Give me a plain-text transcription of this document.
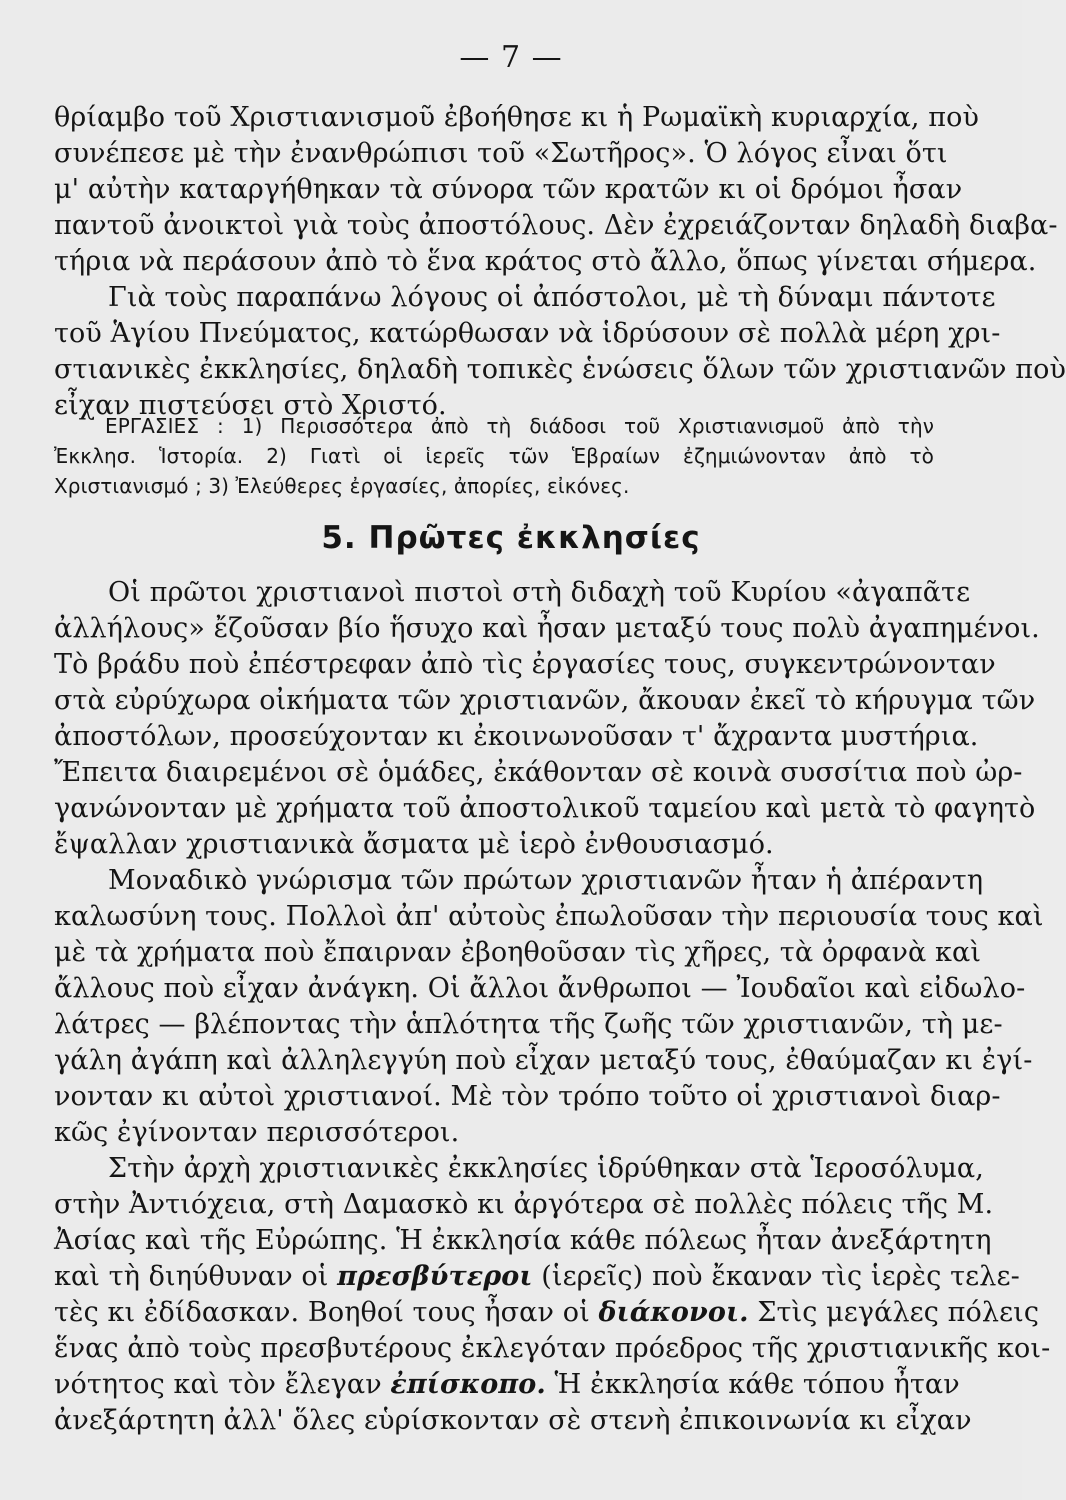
— 7 —
θρίαμβο τοῦ Χριστιανισμοῦ ἐβοήθησε κι ἡ Ρωμαϊκὴ κυριαρχία, ποὺ
συνέπεσε μὲ τὴν ἐνανθρώπισι τοῦ «Σωτῆρος». Ὁ λόγος εἶναι ὅτι
μ' αὐτὴν καταργήθηκαν τὰ σύνορα τῶν κρατῶν κι οἱ δρόμοι ἦσαν
παντοῦ ἀνοικτοὶ γιὰ τοὺς ἀποστόλους. Δὲν ἐχρειάζονταν δηλαδὴ διαβα-
τήρια νὰ περάσουν ἀπὸ τὸ ἕνα κράτος στὸ ἄλλο, ὅπως γίνεται σήμερα.
Γιὰ τοὺς παραπάνω λόγους οἱ ἀπόστολοι, μὲ τὴ δύναμι πάντοτε
τοῦ Ἁγίου Πνεύματος, κατώρθωσαν νὰ ἱδρύσουν σὲ πολλὰ μέρη χρι-
στιανικὲς ἐκκλησίες, δηλαδὴ τοπικὲς ἑνώσεις ὅλων τῶν χριστιανῶν ποὺ
εἶχαν πιστεύσει στὸ Χριστό.
ΕΡΓΑΣΙΕΣ : 1) Περισσότερα ἀπὸ τὴ διάδοσι τοῦ Χριστιανισμοῦ ἀπὸ τὴν
Ἐκκλησ. Ἱστορία. 2) Γιατὶ οἱ ἱερεῖς τῶν Ἑβραίων ἐζημιώνονταν ἀπὸ τὸ
Χριστιανισμό ; 3) Ἐλεύθερες ἐργασίες, ἀπορίες, εἰκόνες.
5. Πρῶτες ἐκκλησίες
Οἱ πρῶτοι χριστιανοὶ πιστοὶ στὴ διδαχὴ τοῦ Κυρίου «ἀγαπᾶτε
ἀλλήλους» ἔζοῦσαν βίο ἥσυχο καὶ ἦσαν μεταξύ τους πολὺ ἀγαπημένοι.
Τὸ βράδυ ποὺ ἐπέστρεφαν ἀπὸ τὶς ἐργασίες τους, συγκεντρώνονταν
στὰ εὐρύχωρα οἰκήματα τῶν χριστιανῶν, ἄκουαν ἐκεῖ τὸ κήρυγμα τῶν
ἀποστόλων, προσεύχονταν κι ἐκοινωνοῦσαν τ' ἄχραντα μυστήρια.
Ἔπειτα διαιρεμένοι σὲ ὁμάδες, ἐκάθονταν σὲ κοινὰ συσσίτια ποὺ ὠρ-
γανώνονταν μὲ χρήματα τοῦ ἀποστολικοῦ ταμείου καὶ μετὰ τὸ φαγητὸ
ἔψαλλαν χριστιανικὰ ἄσματα μὲ ἱερὸ ἐνθουσιασμό.
Μοναδικὸ γνώρισμα τῶν πρώτων χριστιανῶν ἦταν ἡ ἀπέραντη
καλωσύνη τους. Πολλοὶ ἀπ' αὐτοὺς ἐπωλοῦσαν τὴν περιουσία τους καὶ
μὲ τὰ χρήματα ποὺ ἔπαιρναν ἐβοηθοῦσαν τὶς χῆρες, τὰ ὀρφανὰ καὶ
ἄλλους ποὺ εἶχαν ἀνάγκη. Οἱ ἄλλοι ἄνθρωποι — Ἰουδαῖοι καὶ εἰδωλο-
λάτρες — βλέποντας τὴν ἁπλότητα τῆς ζωῆς τῶν χριστιανῶν, τὴ με-
γάλη ἀγάπη καὶ ἀλληλεγγύη ποὺ εἶχαν μεταξύ τους, ἐθαύμαζαν κι ἐγί-
νονταν κι αὐτοὶ χριστιανοί. Μὲ τὸν τρόπο τοῦτο οἱ χριστιανοὶ διαρ-
κῶς ἐγίνονταν περισσότεροι.
Στὴν ἀρχὴ χριστιανικὲς ἐκκλησίες ἱδρύθηκαν στὰ Ἱεροσόλυμα,
στὴν Ἀντιόχεια, στὴ Δαμασκὸ κι ἀργότερα σὲ πολλὲς πόλεις τῆς Μ.
Ἀσίας καὶ τῆς Εὐρώπης. Ἡ ἐκκλησία κάθε πόλεως ἦταν ἀνεξάρτητη
καὶ τὴ διηύθυναν οἱ πρεσβύτεροι (ἱερεῖς) ποὺ ἔκαναν τὶς ἱερὲς τελε-
τὲς κι ἐδίδασκαν. Βοηθοί τους ἦσαν οἱ διάκονοι. Στὶς μεγάλες πόλεις
ἕνας ἀπὸ τοὺς πρεσβυτέρους ἐκλεγόταν πρόεδρος τῆς χριστιανικῆς κοι-
νότητος καὶ τὸν ἔλεγαν ἐπίσκοπο. Ἡ ἐκκλησία κάθε τόπου ἦταν
ἀνεξάρτητη ἀλλ' ὅλες εὑρίσκονταν σὲ στενὴ ἐπικοινωνία κι εἶχαν
